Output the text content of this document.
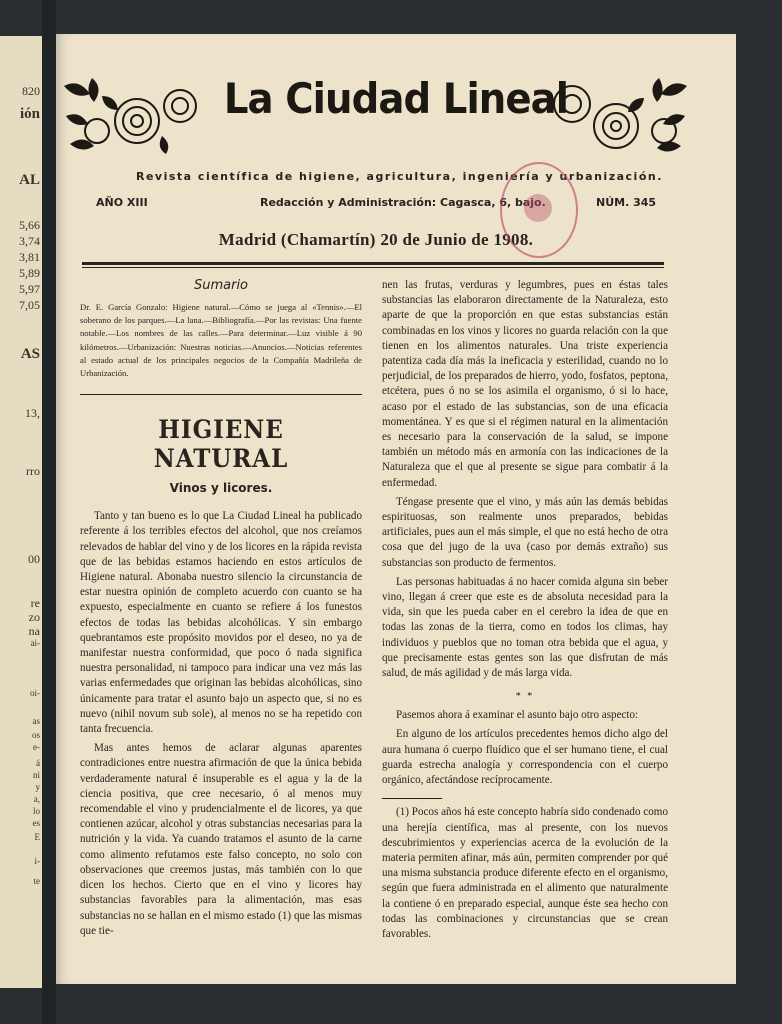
820
ión
AL
5,66
3,74
3,81
5,89
5,97
7,05
AS
13,
rro
00
re
zo
na
ai-
oi-
as
os
e-
á
ni
y
a,
lo
es
E
i-
te
La Ciudad Lineal
Revista científica de higiene, agricultura, ingeniería y urbanización.
AÑO XIII	Redacción y Administración: Cagasca, 6, bajo.	NÚM. 345
Madrid (Chamartín) 20 de Junio de 1908.
Sumario

Dr. E. García Gonzalo: Higiene natural.—Cómo se juega al «Tennis».—El soberano de los parques.—La lana.—Bibliografía.—Por las revistas: Una fuente notable.—Los nombres de las calles.—Para determinar.—Luz visible á 90 kilómetros.—Urbanización: Nuestras noticias.—Anuncios.—Noticias referentes al estado actual de los principales negocios de la Compañía Madrileña de Urbanización.

HIGIENE NATURAL
Vinos y licores.

Tanto y tan bueno es lo que La Ciudad Lineal ha publicado referente á los terribles efectos del alcohol, que nos creíamos relevados de hablar del vino y de los licores en la rápida revista que de las bebidas estamos haciendo en estos artículos de Higiene natural. Abonaba nuestro silencio la circunstancia de estar nuestra opinión de completo acuerdo con cuanto se ha expuesto, especialmente en cuanto se refiere á los funestos efectos de todas las bebidas alcohólicas. Y sin embargo quebrantamos este propósito movidos por el deseo, no ya de manifestar nuestra conformidad, que poco ó nada significa nuestra personalidad, ni tampoco para indicar una vez más las varias enfermedades que originan las bebidas alcohólicas, sino únicamente para tratar el asunto bajo un aspecto que, si no es nuevo (nihil novum sub sole), al menos no se ha repetido con tanta frecuencia.

Mas antes hemos de aclarar algunas aparentes contradiciones entre nuestra afirmación de que la única bebida verdaderamente natural é insuperable es el agua y la de la ciencia positiva, que cree necesario, ó al menos muy recomendable el vino y prudencialmente el de licores, ya que contienen azúcar, alcohol y otras substancias necesarias para la nutrición y la vida. Ya cuando tratamos el asunto de la carne como alimento refutamos este falso concepto, no solo con observaciones que creemos justas, más también con lo que dicen los hechos. Cierto que en el vino y licores hay substancias favorables para la alimentación, mas esas substancias no se hallan en el mismo estado (1) que las mismas que tie-

nen las frutas, verduras y legumbres, pues en éstas tales substancias las elaboraron directamente de la Naturaleza, esto aparte de que la proporción en que estas substancias están combinadas en los vinos y licores no guarda relación con la que tienen en los alimentos naturales. Una triste experiencia patentiza cada día más la ineficacia y esterilidad, cuando no lo perjudicial, de los preparados de hierro, yodo, fosfatos, peptona, etcétera, pues ó no se los asimila el organismo, ó si lo hace, acaso por el estado de las substancias, son de una eficacia momentánea. Y es que si el régimen natural en la alimentación es necesario para la conservación de la salud, se impone también un método más en armonía con las indicaciones de la Naturaleza que el que al presente se sigue para combatir á la enfermedad.

Téngase presente que el vino, y más aún las demás bebidas espirituosas, son realmente unos preparados, bebidas artificiales, pues aun el más simple, el que no está hecho de otra cosa que del jugo de la uva (caso por demás extraño) sus substancias son producto de fermentos.

Las personas habituadas á no hacer comida alguna sin beber vino, llegan á creer que este es de absoluta necesidad para la vida, sin que les pueda caber en el cerebro la idea de que en todas las zonas de la tierra, como en todos los climas, hay individuos y pueblos que no toman otra bebida que el agua, y que precisamente estas gentes son las que disfrutan de más salud, de más agilidad y de más larga vida.

* *

Pasemos ahora á examinar el asunto bajo otro aspecto:

En alguno de los artículos precedentes hemos dicho algo del aura humana ó cuerpo fluídico que el ser humano tiene, el cual guarda estrecha analogía y correspondencia con el cuerpo orgánico, afectándose recíprocamente.

(1) Pocos años há este concepto habría sido condenado como una herejía científica, mas al presente, con los nuevos descubrimientos y experiencias acerca de la evolución de la materia permiten afinar, más aún, permiten comprender por qué una misma substancia produce diferente efecto en el organismo, según que fuera administrada en el alimento que naturalmente la contiene ó en preparado especial, aunque éste sea hecho con todas las combinaciones y circunstancias que se crean favorables.
